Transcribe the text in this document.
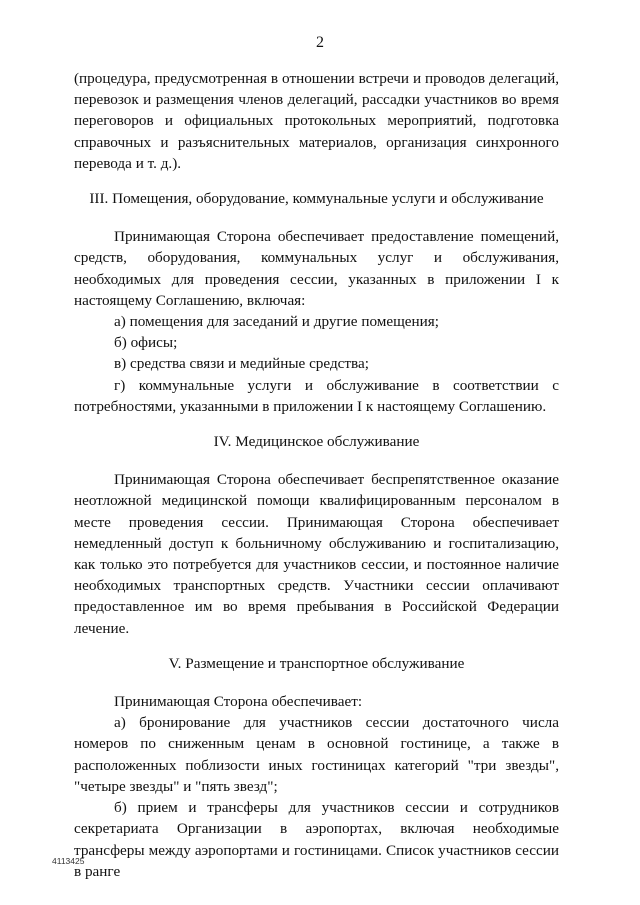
2

(процедура, предусмотренная в отношении встречи и проводов делегаций, перевозок и размещения членов делегаций, рассадки участников во время переговоров и официальных протокольных мероприятий, подготовка справочных и разъяснительных материалов, организация синхронного перевода и т. д.).

III. Помещения, оборудование, коммунальные услуги и обслуживание

Принимающая Сторона обеспечивает предоставление помещений, средств, оборудования, коммунальных услуг и обслуживания, необходимых для проведения сессии, указанных в приложении I к настоящему Соглашению, включая:

а) помещения для заседаний и другие помещения;

б) офисы;

в) средства связи и медийные средства;

г) коммунальные услуги и обслуживание в соответствии с потребностями, указанными в приложении I к настоящему Соглашению.

IV. Медицинское обслуживание

Принимающая Сторона обеспечивает беспрепятственное оказание неотложной медицинской помощи квалифицированным персоналом в месте проведения сессии. Принимающая Сторона обеспечивает немедленный доступ к больничному обслуживанию и госпитализацию, как только это потребуется для участников сессии, и постоянное наличие необходимых транспортных средств. Участники сессии оплачивают предоставленное им во время пребывания в Российской Федерации лечение.

V. Размещение и транспортное обслуживание

Принимающая Сторона обеспечивает:

а) бронирование для участников сессии достаточного числа номеров по сниженным ценам в основной гостинице, а также в расположенных поблизости иных гостиницах категорий "три звезды", "четыре звезды" и "пять звезд";

б) прием и трансферы для участников сессии и сотрудников секретариата Организации в аэропортах, включая необходимые трансферы между аэропортами и гостиницами. Список участников сессии в ранге

4113425
